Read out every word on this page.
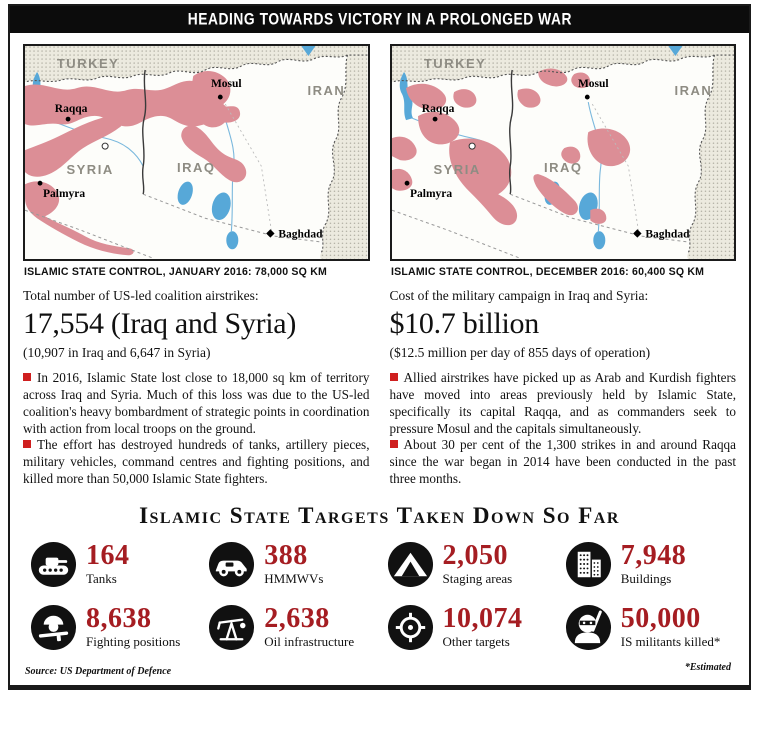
HEADING TOWARDS VICTORY IN A PROLONGED WAR
TURKEY
IRAN
SYRIA	IRAQ
Raqqa
Mosul
Palmyra
Baghdad
ISLAMIC STATE CONTROL, JANUARY 2016: 78,000 SQ KM
TURKEY
IRAN
SYRIA	IRAQ
Raqqa
Mosul
Palmyra
Baghdad
ISLAMIC STATE CONTROL, DECEMBER 2016: 60,400 SQ KM
Total number of US-led coalition airstrikes:
17,554 (Iraq and Syria)
(10,907 in Iraq and 6,647 in Syria)
Cost of the military campaign in Iraq and Syria:
$10.7 billion
($12.5 million per day of 855 days of operation)

In 2016, Islamic State lost close to 18,000 sq km of territory across Iraq and Syria. Much of this loss was due to the US-led coalition's heavy bombardment of strategic points in coordination with action from local troops on the ground.

The effort has destroyed hundreds of tanks, artillery pieces, military vehicles, command centres and fighting positions, and killed more than 50,000 Islamic State fighters.

Allied airstrikes have picked up as Arab and Kurdish fighters have moved into areas previously held by Islamic State, specifically its capital Raqqa, and as commanders seek to pressure Mosul and the capitals simultaneously.

About 30 per cent of the 1,300 strikes in and around Raqqa since the war began in 2014 have been conducted in the past three months.

Islamic State Targets Taken Down So Far
164
Tanks
388
HMMWVs
2,050
Staging areas
7,948
Buildings
8,638
Fighting positions
2,638
Oil infrastructure
10,074
Other targets
50,000
IS militants killed*
Source: US Department of Defence	*Estimated
